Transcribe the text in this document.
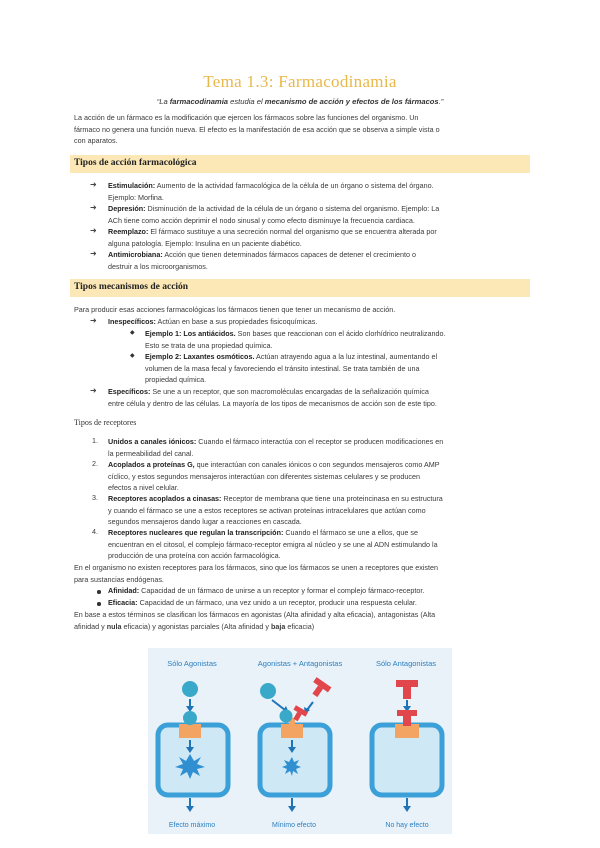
Tema 1.3: Farmacodinamia
“La farmacodinamia estudia el mecanismo de acción y efectos de los fármacos.”
La acción de un fármaco es la modificación que ejercen los fármacos sobre las funciones del organismo. Un
fármaco no genera una función nueva. El efecto es la manifestación de esa acción que se observa a simple vista o
con aparatos.
Tipos de acción farmacológica
➜ Estimulación: Aumento de la actividad farmacológica de la célula de un órgano o sistema del órgano.
Ejemplo: Morfina.
➜ Depresión: Disminución de la actividad de la célula de un órgano o sistema del organismo. Ejemplo: La
ACh tiene como acción deprimir el nodo sinusal y como efecto disminuye la frecuencia cardiaca.
➜ Reemplazo: El fármaco sustituye a una secreción normal del organismo que se encuentra alterada por
alguna patología. Ejemplo: Insulina en un paciente diabético.
➜ Antimicrobiana: Acción que tienen determinados fármacos capaces de detener el crecimiento o
destruir a los microorganismos.
Tipos mecanismos de acción
Para producir esas acciones farmacológicas los fármacos tienen que tener un mecanismo de acción.
➜ Inespecíficos: Actúan en base a sus propiedades fisicoquímicas.
◆ Ejemplo 1: Los antiácidos. Son bases que reaccionan con el ácido clorhídrico neutralizando.
Esto se trata de una propiedad química.
◆ Ejemplo 2: Laxantes osmóticos. Actúan atrayendo agua a la luz intestinal, aumentando el
volumen de la masa fecal y favoreciendo el tránsito intestinal. Se trata también de una
propiedad química.
➜ Específicos: Se une a un receptor, que son macromoléculas encargadas de la señalización química
entre célula y dentro de las células. La mayoría de los tipos de mecanismos de acción son de este tipo.
Tipos de receptores
1. Unidos a canales iónicos: Cuando el fármaco interactúa con el receptor se producen modificaciones en
la permeabilidad del canal.
2. Acoplados a proteínas G, que interactúan con canales iónicos o con segundos mensajeros como AMP
cíclico, y estos segundos mensajeros interactúan con diferentes sistemas celulares y se producen
efectos a nivel celular.
3. Receptores acoplados a cinasas: Receptor de membrana que tiene una proteincinasa en su estructura
y cuando el fármaco se une a estos receptores se activan proteínas intracelulares que actúan como
segundos mensajeros dando lugar a reacciones en cascada.
4. Receptores nucleares que regulan la transcripción: Cuando el fármaco se une a ellos, que se
encuentran en el citosol, el complejo fármaco-receptor emigra al núcleo y se une al ADN estimulando la
producción de una proteína con acción farmacológica.
En el organismo no existen receptores para los fármacos, sino que los fármacos se unen a receptores que existen
para sustancias endógenas.
Afinidad: Capacidad de un fármaco de unirse a un receptor y formar el complejo fármaco-receptor.
Eficacia: Capacidad de un fármaco, una vez unido a un receptor, producir una respuesta celular.
En base a estos términos se clasifican los fármacos en agonistas (Alta afinidad y alta eficacia), antagonistas (Alta
afinidad y nula eficacia) y agonistas parciales (Alta afinidad y baja eficacia)
Sólo Agonistas
Efecto máximo
Agonistas + Antagonistas
Mínimo efecto
Sólo Antagonistas
No hay efecto
